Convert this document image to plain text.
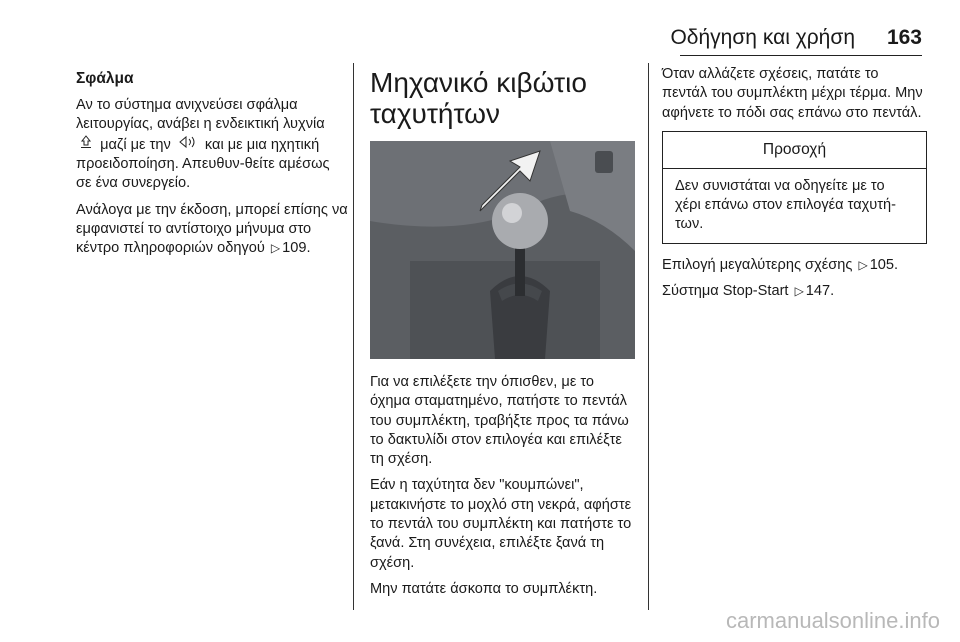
Οδήγηση και χρήση 163
Σφάλμα

Αν το σύστημα ανιχνεύσει σφάλμα λειτουργίας, ανάβει η ενδεικτική λυχνία  μαζί με την και με μια ηχητική προειδοποίηση. Απευθυν-θείτε αμέσως σε ένα συνεργείο.

Ανάλογα με την έκδοση, μπορεί επίσης να εμφανιστεί το αντίστοιχο μήνυμα στο κέντρο πληροφοριών οδηγού ▷ 109.

Μηχανικό κιβώτιο ταχυτήτων

Για να επιλέξετε την όπισθεν, με το όχημα σταματημένο, πατήστε το πεντάλ του συμπλέκτη, τραβήξτε προς τα πάνω το δακτυλίδι στον επιλογέα και επιλέξτε τη σχέση.

Εάν η ταχύτητα δεν "κουμπώνει", μετακινήστε το μοχλό στη νεκρά, αφήστε το πεντάλ του συμπλέκτη και πατήστε το ξανά. Στη συνέχεια, επιλέξτε ξανά τη σχέση.

Μην πατάτε άσκοπα το συμπλέκτη.

Όταν αλλάζετε σχέσεις, πατάτε το πεντάλ του συμπλέκτη μέχρι τέρμα. Μην αφήνετε το πόδι σας επάνω στο πεντάλ.

Προσοχή
Δεν συνιστάται να οδηγείτε με το χέρι επάνω στον επιλογέα ταχυτή-των.

Επιλογή μεγαλύτερης σχέσης ▷ 105.

Σύστημα Stop-Start ▷ 147.

carmanualsonline.info
